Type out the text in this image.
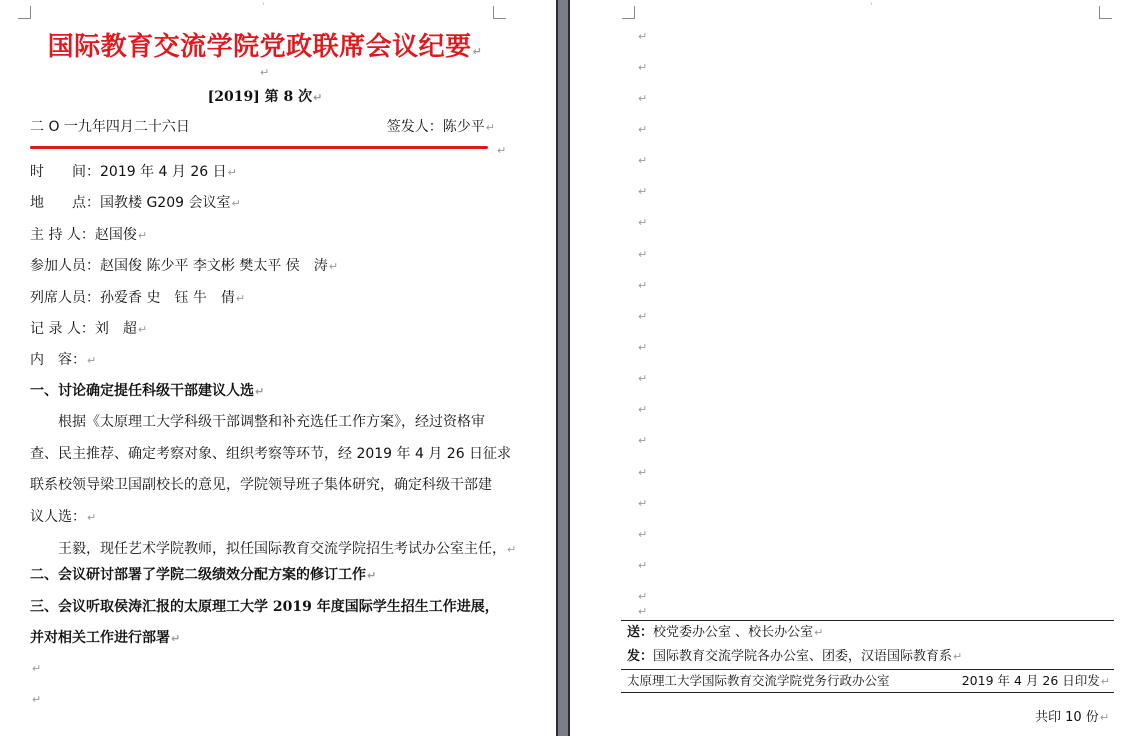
'
国际教育交流学院党政联席会议纪要↵
↵
[2019] 第 8 次↵
二 O 一九年四月二十六日	签发人：陈少平↵
↵
时　　间：2019 年 4 月 26 日↵
地　　点：国教楼 G209 会议室↵
主 持 人：赵国俊↵
参加人员：赵国俊 陈少平 李文彬 樊太平 侯　涛↵
列席人员：孙爱香 史　钰 牛　倩↵
记 录 人：刘　超↵
内　容：↵
一、讨论确定提任科级干部建议人选↵
根据《太原理工大学科级干部调整和补充选任工作方案》，经过资格审
查、民主推荐、确定考察对象、组织考察等环节，经 2019 年 4 月 26 日征求
联系校领导梁卫国副校长的意见，学院领导班子集体研究，确定科级干部建
议人选：↵
王毅，现任艺术学院教师，拟任国际教育交流学院招生考试办公室主任，↵
二、会议研讨部署了学院二级绩效分配方案的修订工作↵
三、会议听取侯涛汇报的太原理工大学 2019 年度国际学生招生工作进展，
并对相关工作进行部署↵
↵
↵
'
↵
↵
↵
↵
↵
↵
↵
↵
↵
↵
↵
↵
↵
↵
↵
↵
↵
↵
↵
↵
送：校党委办公室 、校长办公室↵
发：国际教育交流学院各办公室、团委，汉语国际教育系↵
太原理工大学国际教育交流学院党务行政办公室	2019 年 4 月 26 日印发↵
共印 10 份↵
